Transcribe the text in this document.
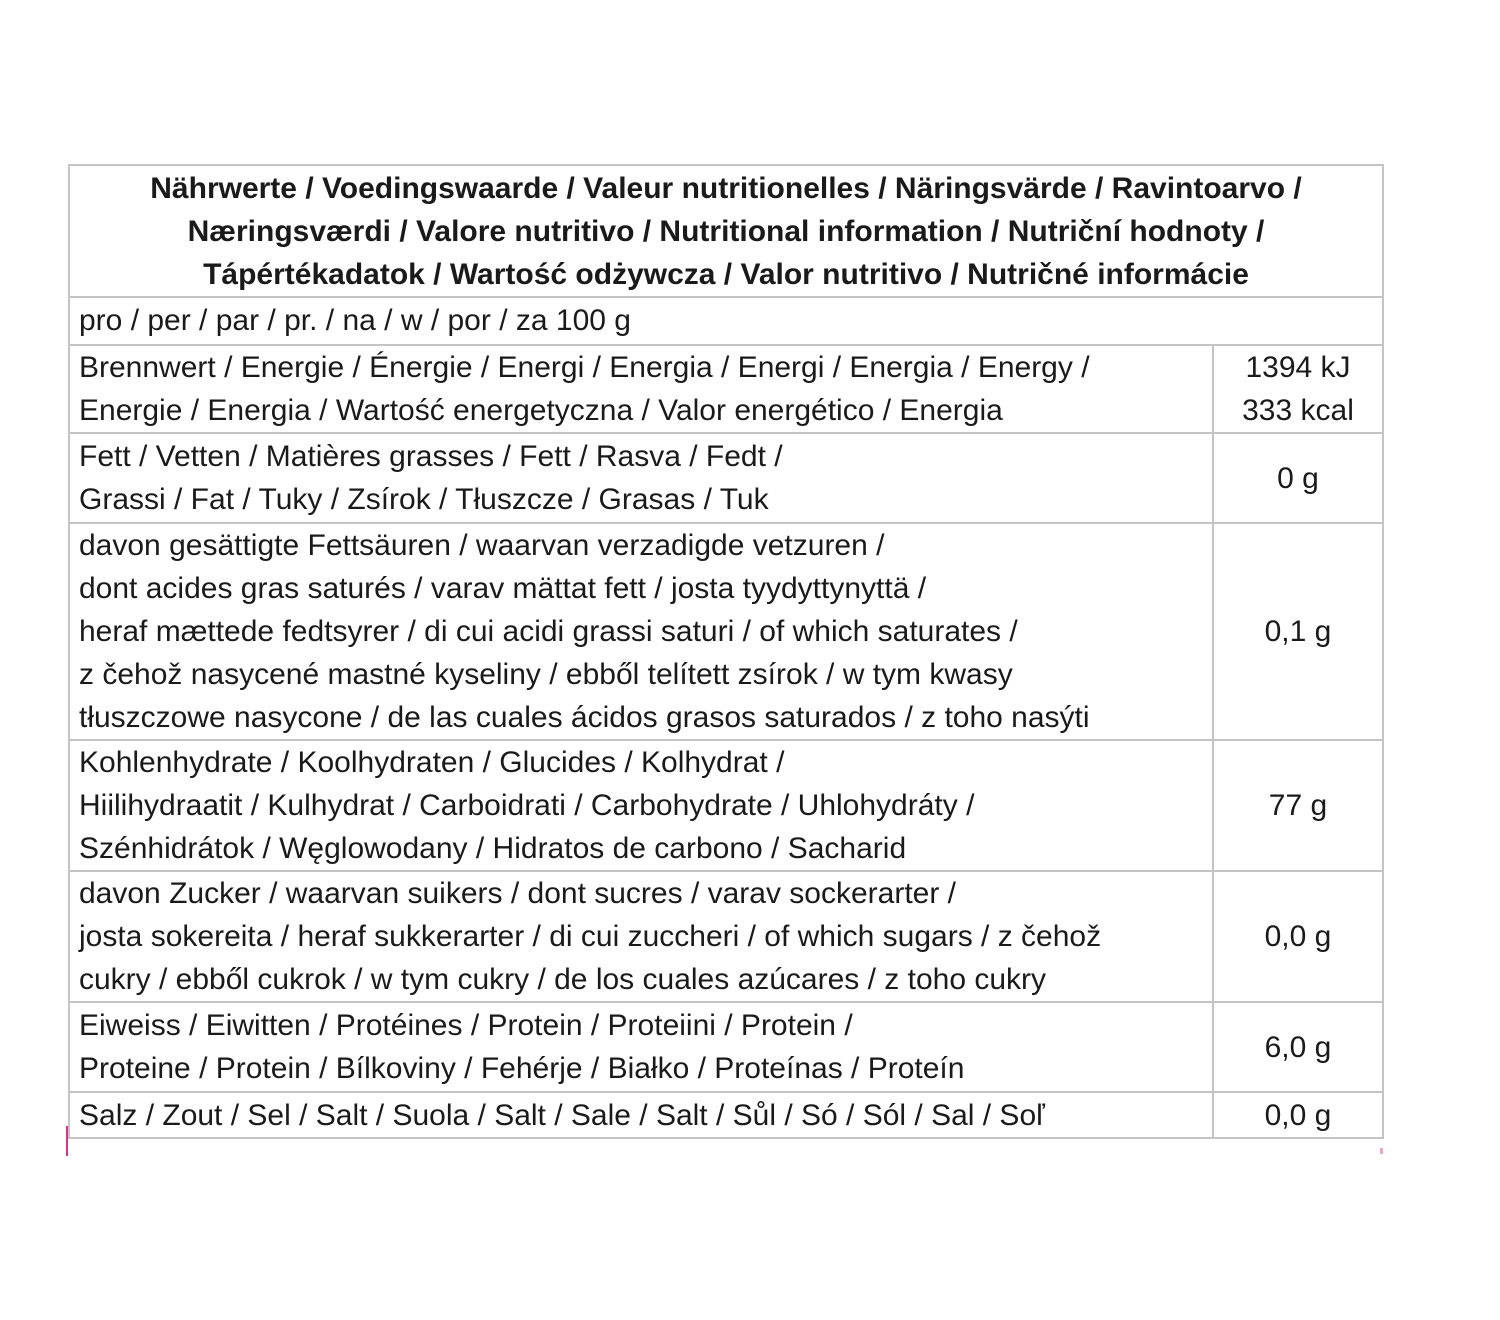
Nährwerte / Voedingswaarde / Valeur nutritionelles / Näringsvärde / Ravintoarvo /
Næringsværdi / Valore nutritivo / Nutritional information / Nutriční hodnoty /
Tápértékadatok / Wartość odżywcza / Valor nutritivo / Nutričné informácie	

pro / per / par / pr. / na / w / por / za 100 g	
Brennwert / Energie / Énergie / Energi / Energia / Energi / Energia / Energy /
Energie / Energia / Wartość energetyczna / Valor energético / Energia	1394 kJ
333 kcal
Fett / Vetten / Matières grasses / Fett / Rasva / Fedt /
Grassi / Fat / Tuky / Zsírok / Tłuszcze / Grasas / Tuk	0 g
davon gesättigte Fettsäuren / waarvan verzadigde vetzuren /
dont acides gras saturés / varav mättat fett / josta tyydyttynyttä /
heraf mættede fedtsyrer / di cui acidi grassi saturi / of which saturates /
z čehož nasycené mastné kyseliny / ebből telített zsírok / w tym kwasy
tłuszczowe nasycone / de las cuales ácidos grasos saturados / z toho nasýti	0,1 g
Kohlenhydrate / Koolhydraten / Glucides / Kolhydrat /
Hiilihydraatit / Kulhydrat / Carboidrati / Carbohydrate / Uhlohydráty /
Szénhidrátok / Węglowodany / Hidratos de carbono / Sacharid	77 g
davon Zucker / waarvan suikers / dont sucres / varav sockerarter /
josta sokereita / heraf sukkerarter / di cui zuccheri / of which sugars / z čehož
cukry / ebből cukrok / w tym cukry / de los cuales azúcares / z toho cukry	0,0 g
Eiweiss / Eiwitten / Protéines / Protein / Proteiini / Protein /
Proteine / Protein / Bílkoviny / Fehérje / Białko / Proteínas / Proteín	6,0 g
Salz / Zout / Sel / Salt / Suola / Salt / Sale / Salt / Sůl / Só / Sól / Sal / Soľ	0,0 g
